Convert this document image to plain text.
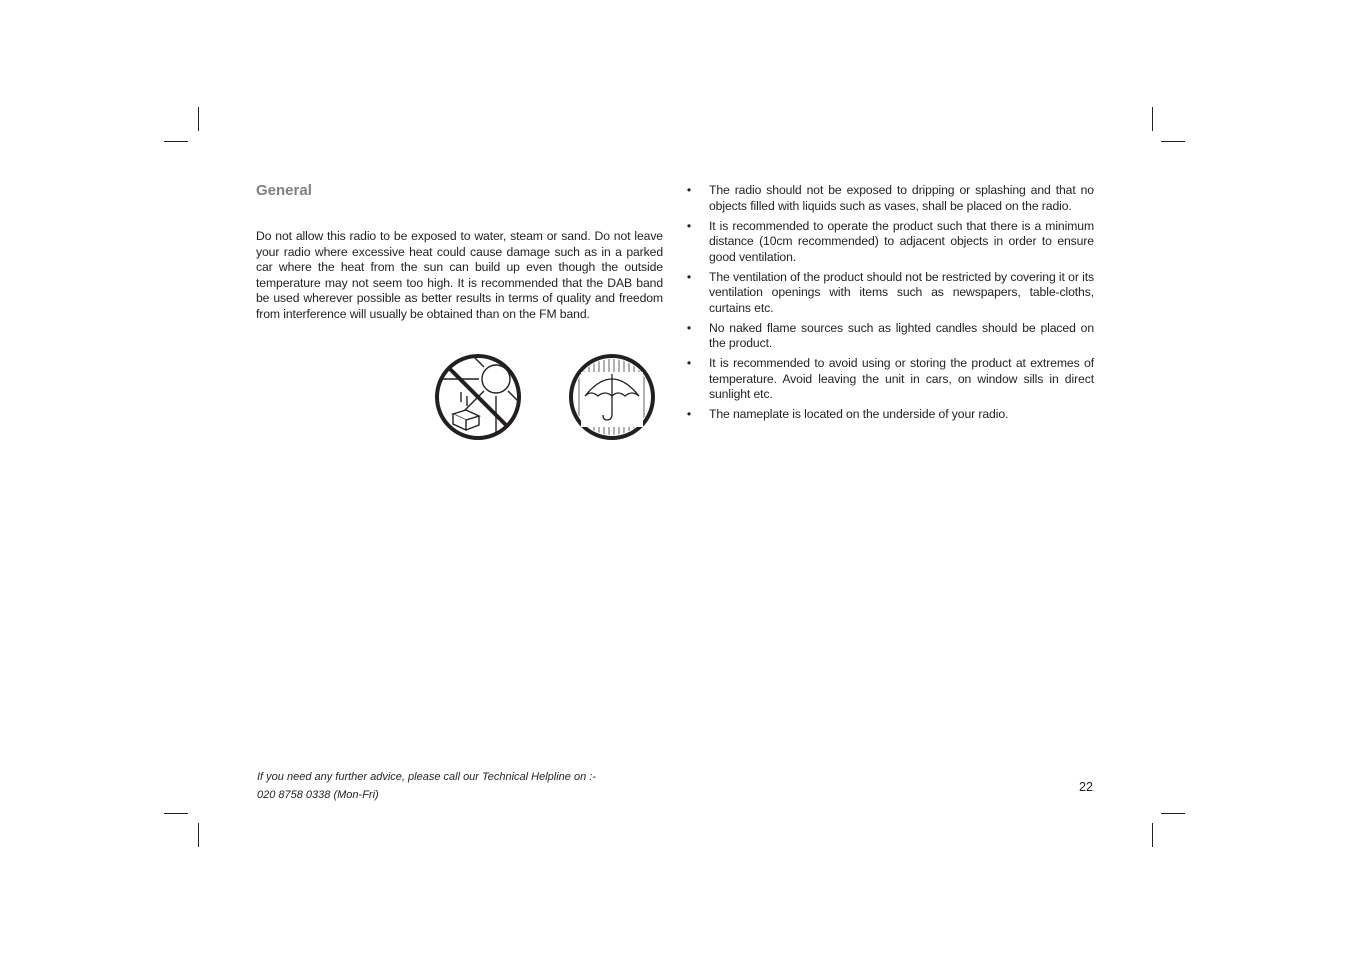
General

Do not allow this radio to be exposed to water, steam or sand. Do not leave your radio where excessive heat could cause damage such as in a parked car where the heat from the sun can build up even though the outside temperature may not seem too high. It is recommended that the DAB band be used wherever possible as better results in terms of quality and freedom from interference will usually be obtained than on the FM band.

• The radio should not be exposed to dripping or splashing and that no objects filled with liquids such as vases, shall be placed on the radio.
• It is recommended to operate the product such that there is a minimum distance (10cm recommended) to adjacent objects in order to ensure good ventilation.
• The ventilation of the product should not be restricted by covering it or its ventilation openings with items such as newspapers, table-cloths, curtains etc.
• No naked flame sources such as lighted candles should be placed on the product.
• It is recommended to avoid using or storing the product at extremes of temperature. Avoid leaving the unit in cars, on window sills in direct sunlight etc.
• The nameplate is located on the underside of your radio.
If you need any further advice, please call our Technical Helpline on :-
020 8758 0338 (Mon-Fri)
22
